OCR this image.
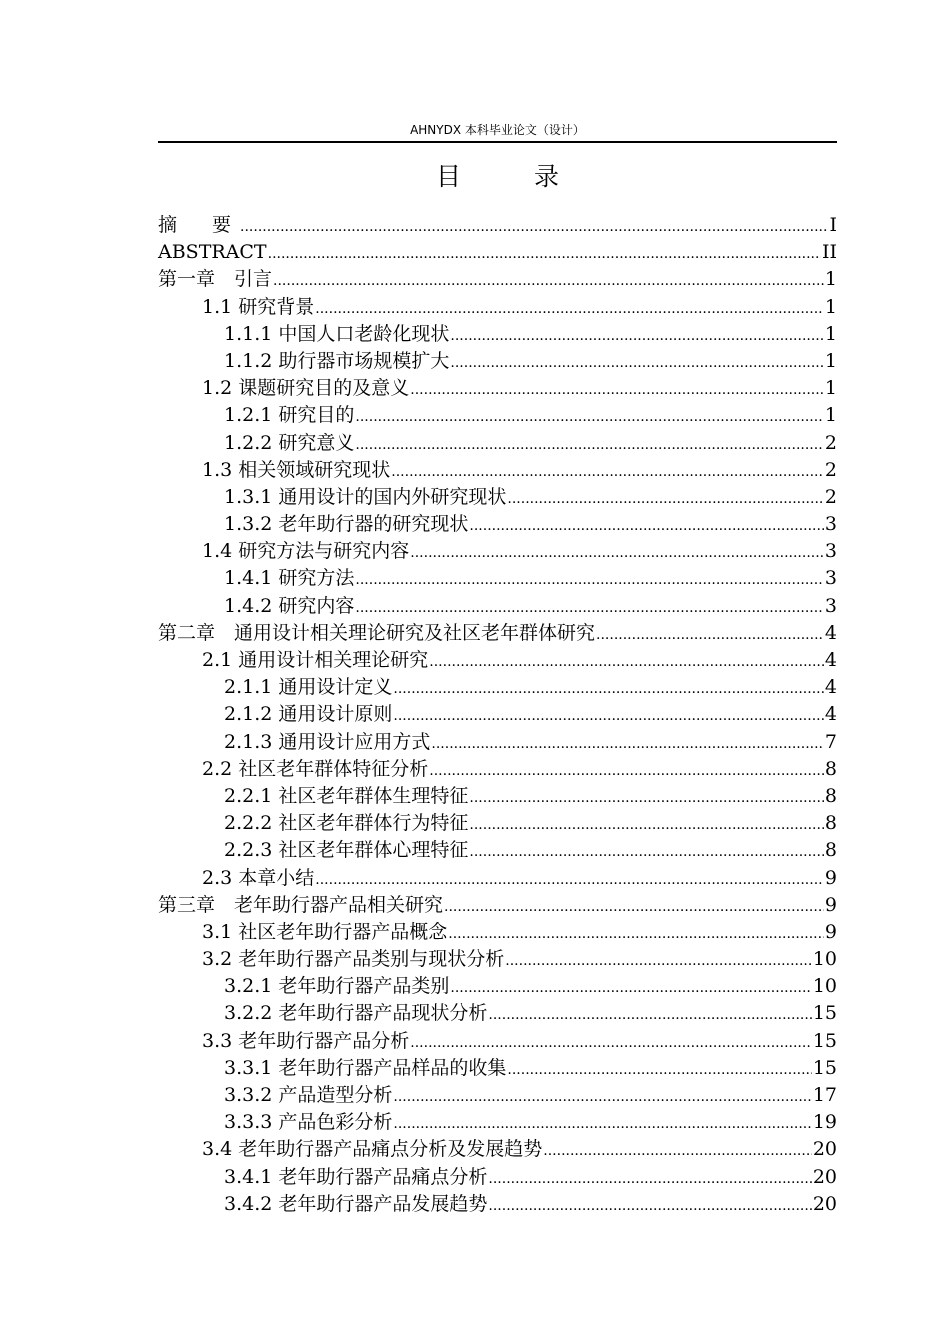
AHNYDX 本科毕业论文（设计）
目　录
摘　要 .....	I
ABSTRACT .....	II
第一章　引言 .....	1
1.1 研究背景 .....	1
1.1.1 中国人口老龄化现状 .....	1
1.1.2 助行器市场规模扩大 .....	1
1.2 课题研究目的及意义 .....	1
1.2.1 研究目的 .....	1
1.2.2 研究意义 .....	2
1.3 相关领域研究现状 .....	2
1.3.1 通用设计的国内外研究现状 .....	2
1.3.2 老年助行器的研究现状 .....	3
1.4 研究方法与研究内容 .....	3
1.4.1 研究方法 .....	3
1.4.2 研究内容 .....	3
第二章　通用设计相关理论研究及社区老年群体研究 .....	4
2.1 通用设计相关理论研究 .....	4
2.1.1 通用设计定义 .....	4
2.1.2 通用设计原则 .....	4
2.1.3 通用设计应用方式 .....	7
2.2 社区老年群体特征分析 .....	8
2.2.1 社区老年群体生理特征 .....	8
2.2.2 社区老年群体行为特征 .....	8
2.2.3 社区老年群体心理特征 .....	8
2.3 本章小结 .....	9
第三章　老年助行器产品相关研究 .....	9
3.1 社区老年助行器产品概念 .....	9
3.2 老年助行器产品类别与现状分析 .....	10
3.2.1 老年助行器产品类别 .....	10
3.2.2 老年助行器产品现状分析 .....	15
3.3 老年助行器产品分析 .....	15
3.3.1 老年助行器产品样品的收集 .....	15
3.3.2 产品造型分析 .....	17
3.3.3 产品色彩分析 .....	19
3.4 老年助行器产品痛点分析及发展趋势 .....	20
3.4.1 老年助行器产品痛点分析 .....	20
3.4.2 老年助行器产品发展趋势 .....	20
